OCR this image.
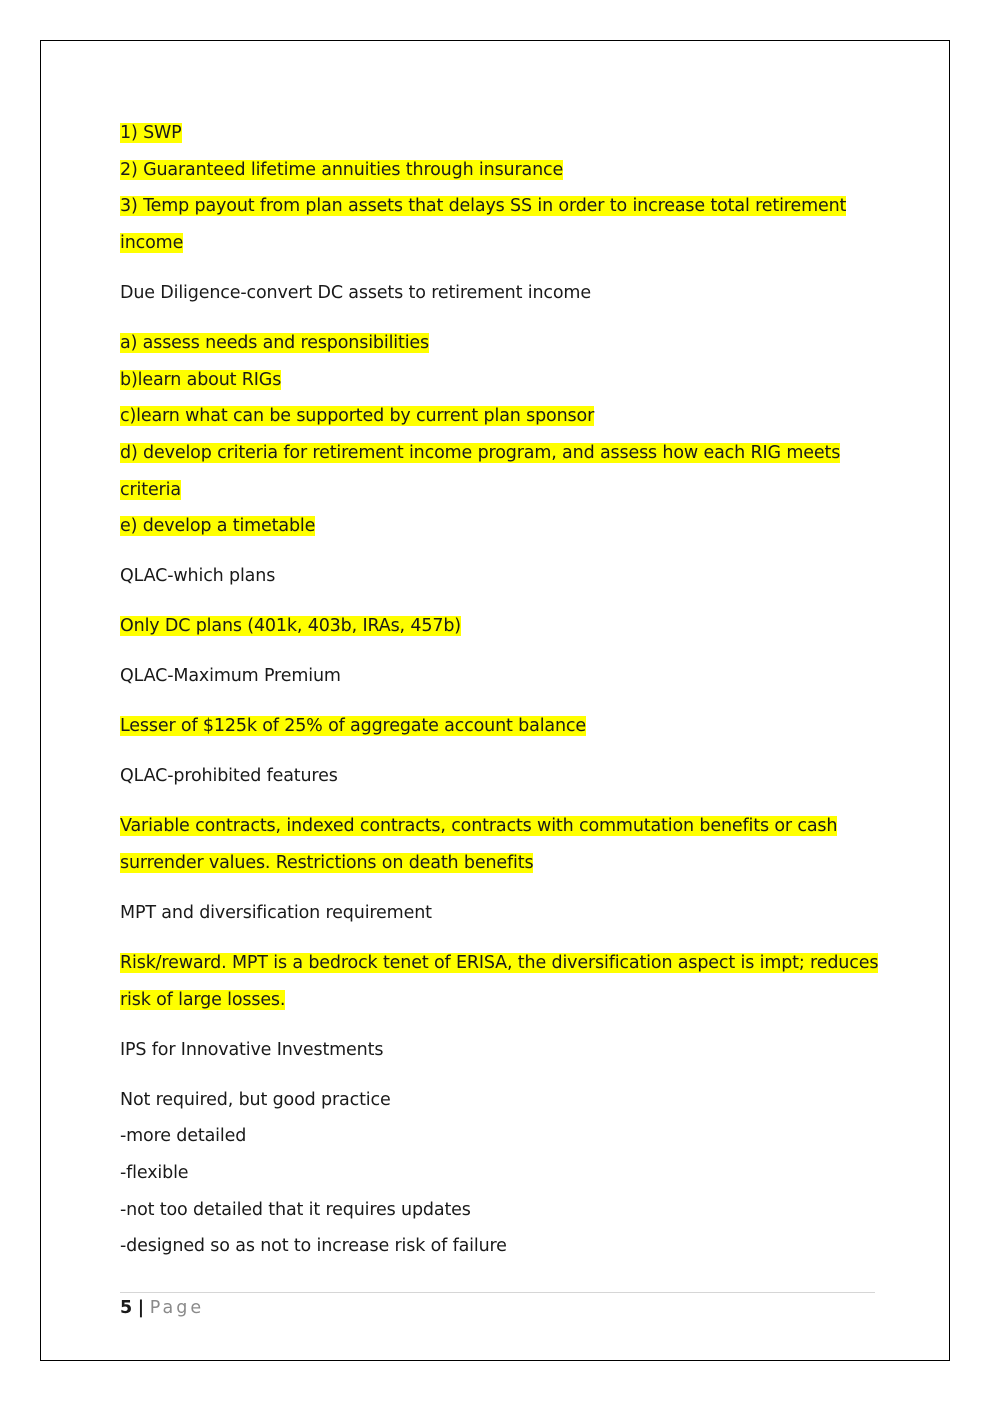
1) SWP
2) Guaranteed lifetime annuities through insurance
3) Temp payout from plan assets that delays SS in order to increase total retirement
income
Due Diligence-convert DC assets to retirement income
a) assess needs and responsibilities
b)learn about RIGs
c)learn what can be supported by current plan sponsor
d) develop criteria for retirement income program, and assess how each RIG meets
criteria
e) develop a timetable
QLAC-which plans
Only DC plans (401k, 403b, IRAs, 457b)
QLAC-Maximum Premium
Lesser of $125k of 25% of aggregate account balance
QLAC-prohibited features
Variable contracts, indexed contracts, contracts with commutation benefits or cash
surrender values. Restrictions on death benefits
MPT and diversification requirement
Risk/reward. MPT is a bedrock tenet of ERISA, the diversification aspect is impt; reduces
risk of large losses.
IPS for Innovative Investments
Not required, but good practice
-more detailed
-flexible
-not too detailed that it requires updates
-designed so as not to increase risk of failure
5 | Page
